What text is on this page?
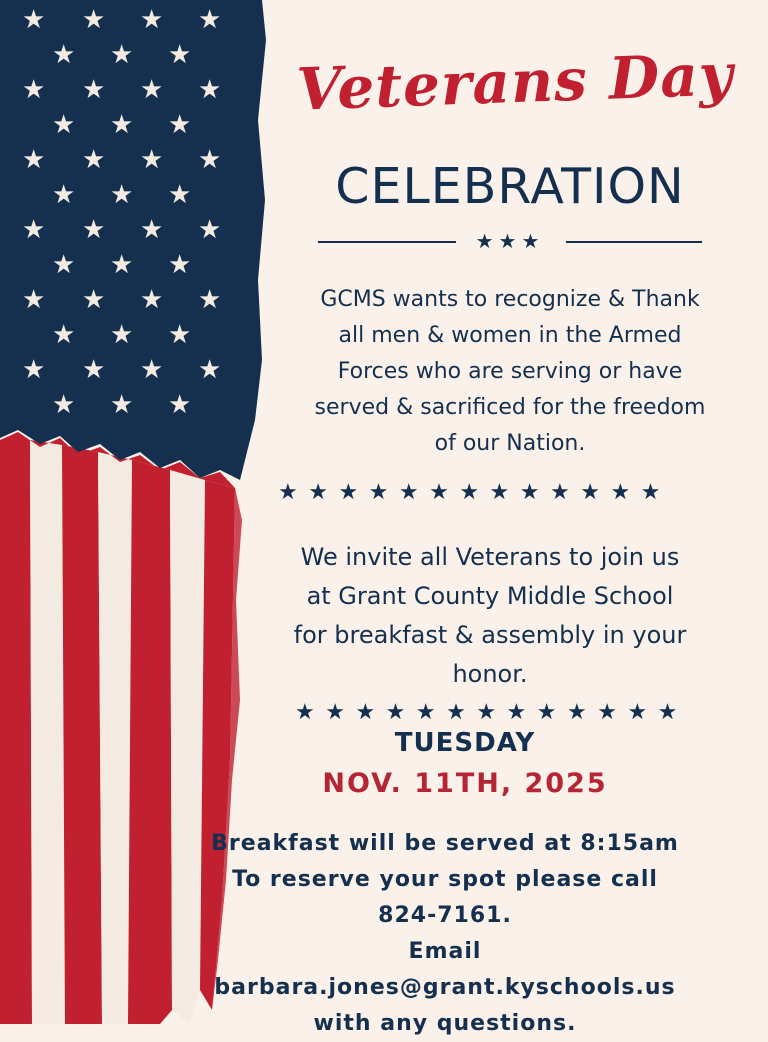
★ ★ ★ ★
★ ★ ★
★ ★ ★ ★
★ ★ ★
★ ★ ★ ★
★ ★ ★
★ ★ ★ ★
★ ★ ★
★ ★ ★ ★
★ ★ ★
★ ★ ★ ★
★ ★ ★
Veterans Day
CELEBRATION
★★★
GCMS wants to recognize & Thank
all men & women in the Armed
Forces who are serving or have
served & sacrificed for the freedom
of our Nation.
★★★★★★★★★★★★★
We invite all Veterans to join us
at Grant County Middle School
for breakfast & assembly in your
honor.
★★★★★★★★★★★★★
TUESDAY
NOV. 11TH, 2025
Breakfast will be served at 8:15am
To reserve your spot please call
824-7161.
Email barbara.jones@grant.kyschools.us
with any questions.
